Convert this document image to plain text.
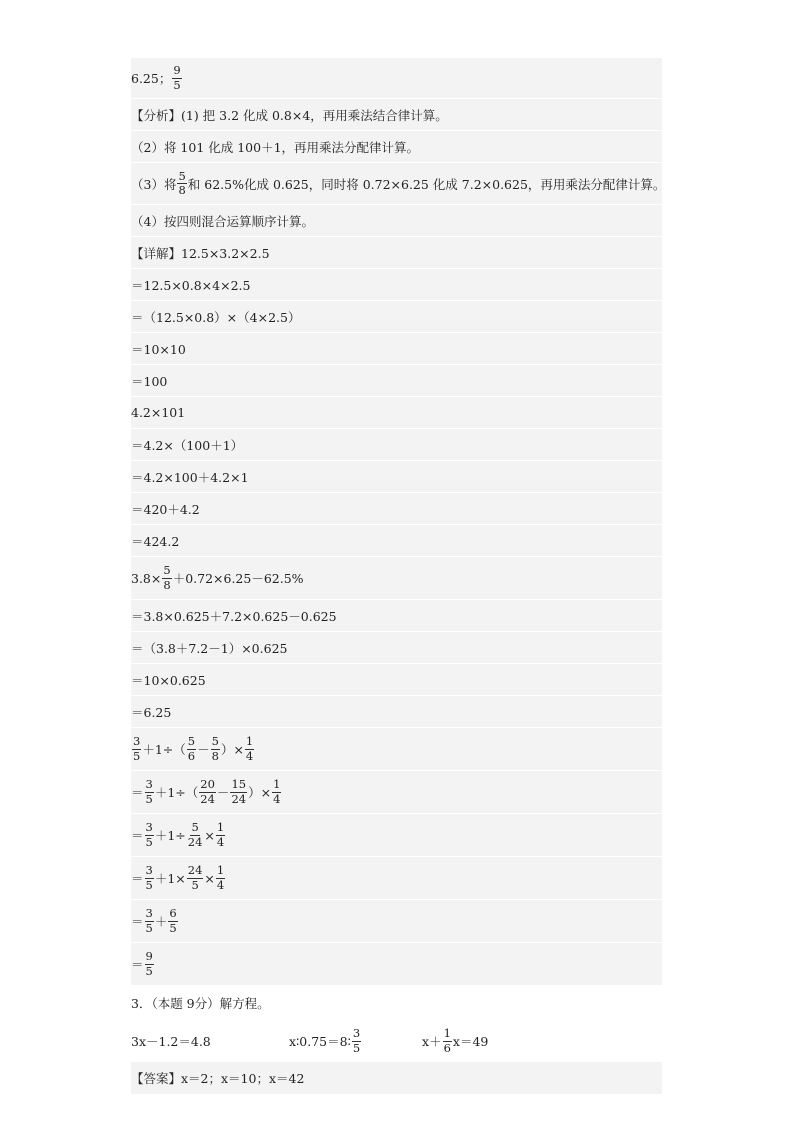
6.25； $\frac{9}{5}$
【分析】(1) 把 3.2 化成 0.8×4，再用乘法结合律计算。
（2）将 101 化成 100＋1，再用乘法分配律计算。
（3）将 $\frac{5}{8}$ 和 62.5%化成 0.625，同时将 0.72×6.25 化成 7.2×0.625，再用乘法分配律计算。
（4）按四则混合运算顺序计算。
【详解】12.5×3.2×2.5
＝12.5×0.8×4×2.5
＝（12.5×0.8）×（4×2.5）
＝10×10
＝100
4.2×101
＝4.2×（100＋1）
＝4.2×100＋4.2×1
＝420＋4.2
＝424.2
$3.8\times \frac{5}{8} +0.72\times 6.25-62.5\%$
＝3.8×0.625＋7.2×0.625－0.625
＝（3.8＋7.2－1）×0.625
＝10×0.625
＝6.25
$\frac{3}{5} +1\div( \frac{5}{6} - \frac{5}{8}$ ）× $\frac{1}{4}$
＝ $\frac{3}{5} +1\div( \frac{20}{24} - \frac{15}{24}$ ）× $\frac{1}{4}$
＝ $\frac{3}{5} +1\div \frac{5}{24} \times \frac{1}{4}$
＝ $\frac{3}{5} +1\times \frac{24}{5} \times \frac{1}{4}$
＝ $\frac{3}{5} + \frac{6}{5}$
＝ $\frac{9}{5}$
3．（本题 9分）解方程。
3x－1.2＝4.8	x∶0.75＝8∶ $\frac{3}{5}$	$x+ \frac{1}{6} x=49$
【答案】x＝2；x＝10；x＝42
